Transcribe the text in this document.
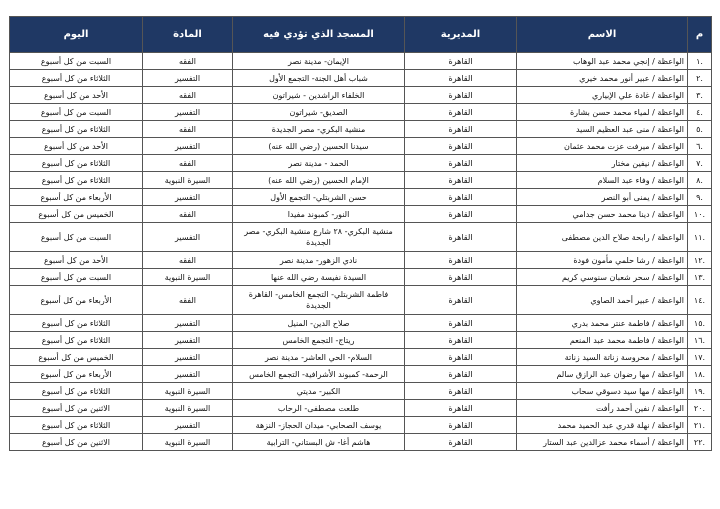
م	الاسم	المديرية	المسجد الذي تؤدي فيه	المادة	اليوم
.١	الواعظة / إنجي محمد عبد الوهاب	القاهرة	الإيمان- مدينة نصر	الفقه	السبت من كل أسبوع
.٢	الواعظة / عبير أنور محمد خيري	القاهرة	شباب أهل الجنة- التجمع الأول	التفسير	الثلاثاء من كل أسبوع
.٣	الواعظة / غادة علي الإبياري	القاهرة	الخلفاء الراشدين - شيراتون	الفقه	الأحد من كل أسبوع
.٤	الواعظة / لمياء محمد حسن بشارة	القاهرة	الصديق- شيراتون	التفسير	السبت من كل أسبوع
.٥	الواعظة / منى عبد العظيم السيد	القاهرة	منشية البكري- مصر الجديدة	الفقه	الثلاثاء من كل أسبوع
.٦	الواعظة / ميرفت عزت محمد عثمان	القاهرة	سيدنا الحسين (رضي الله عنه)	التفسير	الأحد من كل أسبوع
.٧	الواعظة / نيفين مختار	القاهرة	الحمد - مدينة نصر	الفقه	الثلاثاء من كل أسبوع
.٨	الواعظة / وفاء عبد السلام	القاهرة	الإمام الحسين (رضي الله عنه)	السيرة النبوية	الثلاثاء من كل أسبوع
.٩	الواعظة / يمنى أبو النصر	القاهرة	حسن الشربتلي- التجمع الأول	التفسير	الأربعاء من كل أسبوع
.١٠	الواعظة / دينا محمد حسن جدامي	القاهرة	النور- كمبوند مفيدا	الفقه	الخميس من كل أسبوع
.١١	الواعظة / رابحة صلاح الدين مصطفى	القاهرة	منشية البكري- ٢٨ شارع منشية البكري- مصر الجديدة	التفسير	السبت من كل أسبوع
.١٢	الواعظة / رشا حلمي مأمون فودة	القاهرة	نادي الزهور- مدينة نصر	الفقه	الأحد من كل أسبوع
.١٣	الواعظة / سحر شعبان سنوسي كريم	القاهرة	السيدة نفيسة رضي الله عنها	السيرة النبوية	السبت من كل أسبوع
.١٤	الواعظة / عبير أحمد الصاوي	القاهرة	فاطمة الشربتلي- التجمع الخامس- القاهرة الجديدة	الفقه	الأربعاء من كل أسبوع
.١٥	الواعظة / فاطمة عنتر محمد بدري	القاهرة	صلاح الدين- المنيل	التفسير	الثلاثاء من كل أسبوع
.١٦	الواعظة / فاطمة محمد عبد المنعم	القاهرة	ريتاج- التجمع الخامس	التفسير	الثلاثاء من كل أسبوع
.١٧	الواعظة / محروسة زناتة السيد زناتة	القاهرة	السلام- الحي العاشر- مدينة نصر	التفسير	الخميس من كل أسبوع
.١٨	الواعظة / مها رضوان عبد الرازق سالم	القاهرة	الرحمة- كمبوند الأشرافية- التجمع الخامس	التفسير	الأربعاء من كل أسبوع
.١٩	الواعظة / مها سيد دسوقي سحاب	القاهرة	الكبير- مديتي	السيرة النبوية	الثلاثاء من كل أسبوع
.٢٠	الواعظة / نفين أحمد رأفت	القاهرة	طلعت مصطفى- الرحاب	السيرة النبوية	الاثنين من كل أسبوع
.٢١	الواعظة / نهلة قدري عبد الحميد محمد	القاهرة	يوسف الصحابي- ميدان الحجاز- النزهة	التفسير	الثلاثاء من كل أسبوع
.٢٢	الواعظة / أسماء محمد عزالدين عبد الستار	القاهرة	هاشم أغا- ش البستاني- الترابية	السيرة النبوية	الاثنين من كل أسبوع
